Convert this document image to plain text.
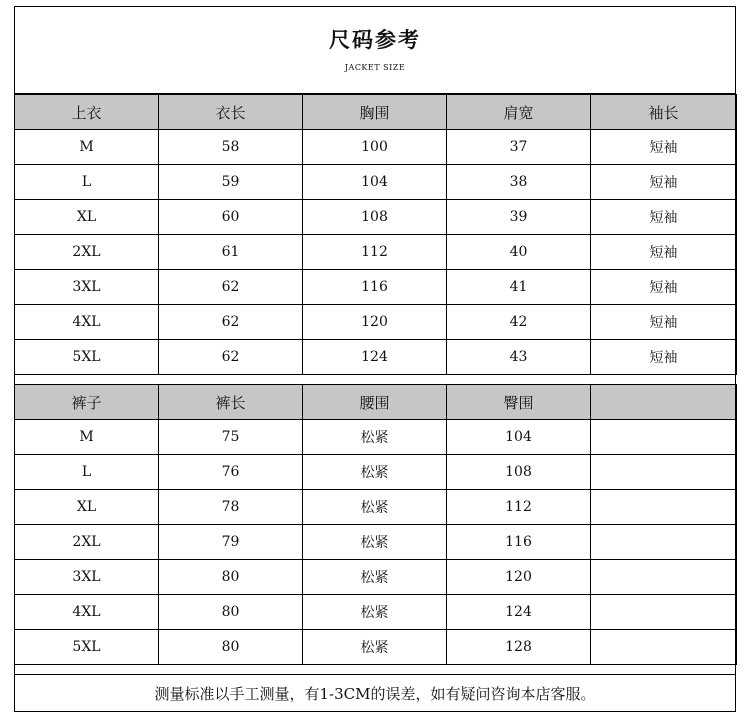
尺码参考
JACKET SIZE
上衣	衣长	胸围	肩宽	袖长
M	58	100	37	短袖
L	59	104	38	短袖
XL	60	108	39	短袖
2XL	61	112	40	短袖
3XL	62	116	41	短袖
4XL	62	120	42	短袖
5XL	62	124	43	短袖
裤子	裤长	腰围	臀围	
M	75	松紧	104	
L	76	松紧	108	
XL	78	松紧	112	
2XL	79	松紧	116	
3XL	80	松紧	120	
4XL	80	松紧	124	
5XL	80	松紧	128	
测量标准以手工测量，有1-3CM的误差，如有疑问咨询本店客服。
